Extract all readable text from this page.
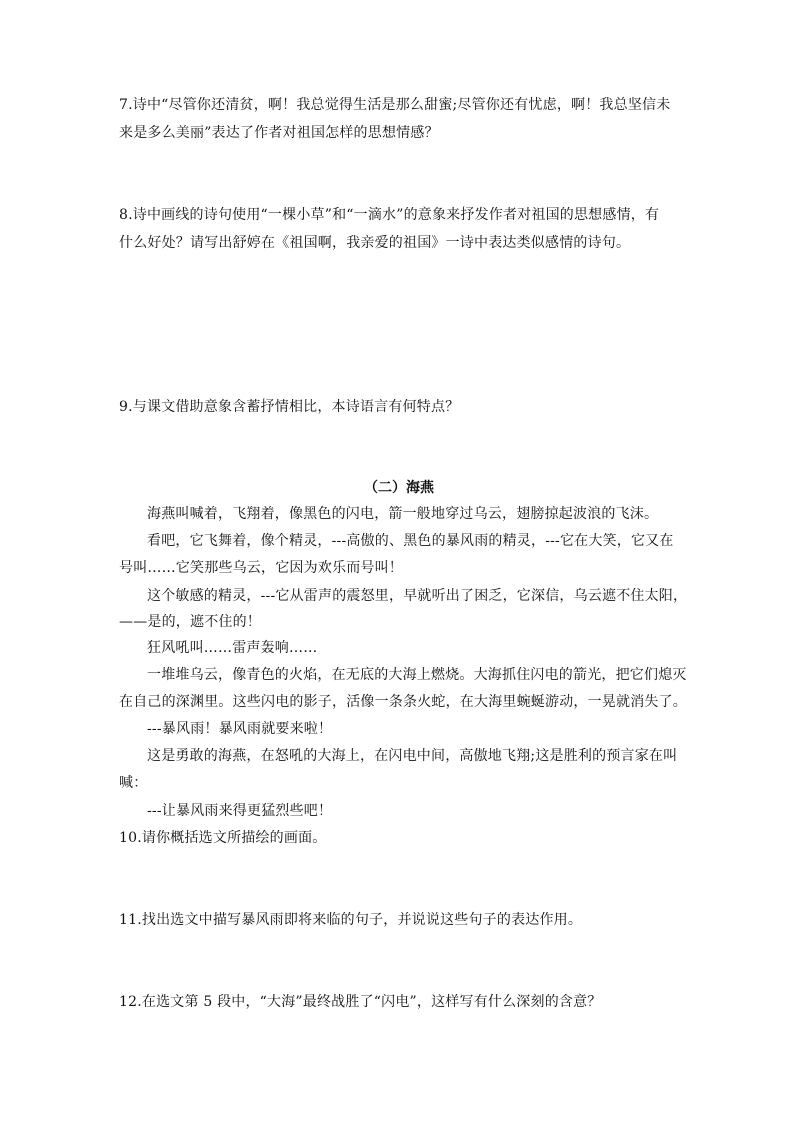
7.诗中“尽管你还清贫，啊！我总觉得生活是那么甜蜜;尽管你还有忧虑，啊！我总坚信未
来是多么美丽”表达了作者对祖国怎样的思想情感？
8.诗中画线的诗句使用“一棵小草”和“一滴水”的意象来抒发作者对祖国的思想感情，有
什么好处？请写出舒婷在《祖国啊，我亲爱的祖国》一诗中表达类似感情的诗句。
9.与课文借助意象含蓄抒情相比，本诗语言有何特点？
（二）海燕
海燕叫喊着，飞翔着，像黑色的闪电，箭一般地穿过乌云，翅膀掠起波浪的飞沫。
看吧，它飞舞着，像个精灵，---高傲的、黑色的暴风雨的精灵，---它在大笑，它又在
号叫……它笑那些乌云，它因为欢乐而号叫！
这个敏感的精灵，---它从雷声的震怒里，早就听出了困乏，它深信，乌云遮不住太阳，
——是的，遮不住的！
狂风吼叫……雷声轰响……
一堆堆乌云，像青色的火焰，在无底的大海上燃烧。大海抓住闪电的箭光，把它们熄灭
在自己的深渊里。这些闪电的影子，活像一条条火蛇，在大海里蜿蜒游动，一晃就消失了。
---暴风雨！暴风雨就要来啦！
这是勇敢的海燕，在怒吼的大海上，在闪电中间，高傲地飞翔;这是胜利的预言家在叫
喊：
---让暴风雨来得更猛烈些吧！
10.请你概括选文所描绘的画面。
11.找出选文中描写暴风雨即将来临的句子，并说说这些句子的表达作用。
12.在选文第 5 段中，“大海”最终战胜了“闪电”，这样写有什么深刻的含意？
